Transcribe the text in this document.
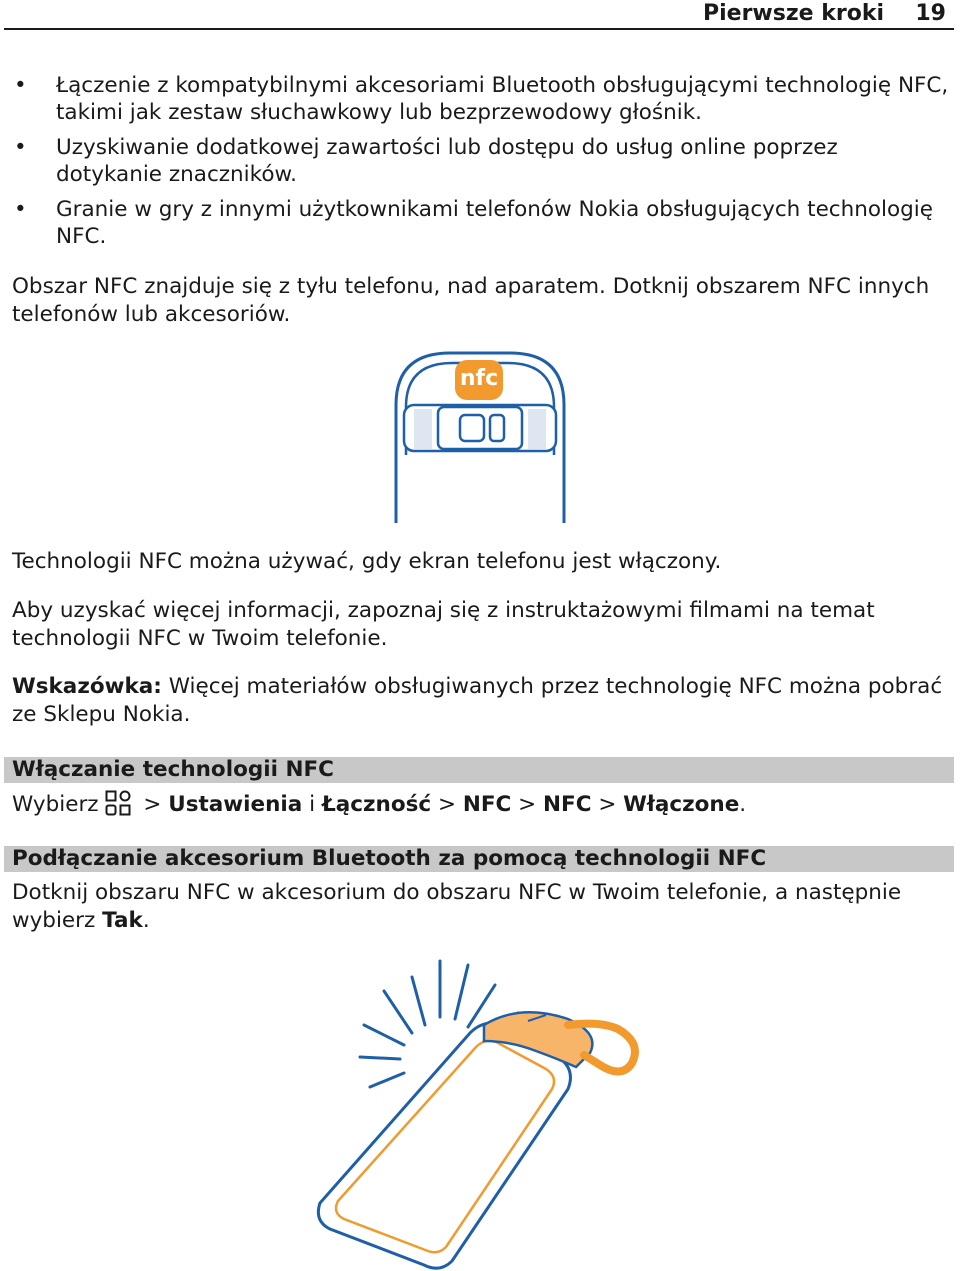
Pierwsze kroki 19
• Łączenie z kompatybilnymi akcesoriami Bluetooth obsługującymi technologię NFC, takimi jak zestaw słuchawkowy lub bezprzewodowy głośnik.
• Uzyskiwanie dodatkowej zawartości lub dostępu do usług online poprzez dotykanie znaczników.
• Granie w gry z innymi użytkownikami telefonów Nokia obsługujących technologię NFC.
Obszar NFC znajduje się z tyłu telefonu, nad aparatem. Dotknij obszarem NFC innych telefonów lub akcesoriów.
nfc
Technologii NFC można używać, gdy ekran telefonu jest włączony.
Aby uzyskać więcej informacji, zapoznaj się z instruktażowymi filmami na temat technologii NFC w Twoim telefonie.
Wskazówka: Więcej materiałów obsługiwanych przez technologię NFC można pobrać ze Sklepu Nokia.
Włączanie technologii NFC
Wybierz > Ustawienia i Łączność > NFC > NFC > Włączone.
Podłączanie akcesorium Bluetooth za pomocą technologii NFC
Dotknij obszaru NFC w akcesorium do obszaru NFC w Twoim telefonie, a następnie wybierz Tak.
